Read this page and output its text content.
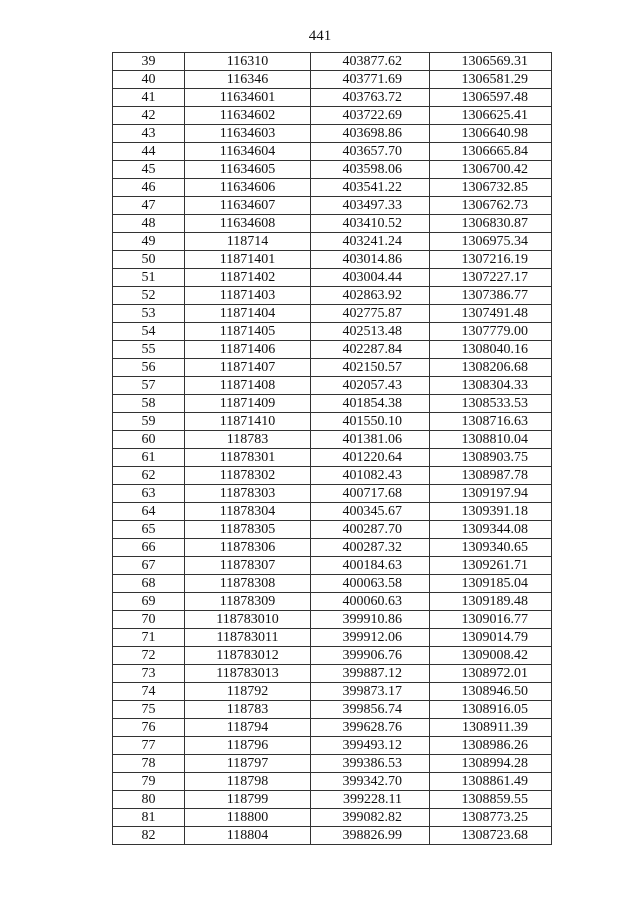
441
39	116310	403877.62	1306569.31
40	116346	403771.69	1306581.29
41	11634601	403763.72	1306597.48
42	11634602	403722.69	1306625.41
43	11634603	403698.86	1306640.98
44	11634604	403657.70	1306665.84
45	11634605	403598.06	1306700.42
46	11634606	403541.22	1306732.85
47	11634607	403497.33	1306762.73
48	11634608	403410.52	1306830.87
49	118714	403241.24	1306975.34
50	11871401	403014.86	1307216.19
51	11871402	403004.44	1307227.17
52	11871403	402863.92	1307386.77
53	11871404	402775.87	1307491.48
54	11871405	402513.48	1307779.00
55	11871406	402287.84	1308040.16
56	11871407	402150.57	1308206.68
57	11871408	402057.43	1308304.33
58	11871409	401854.38	1308533.53
59	11871410	401550.10	1308716.63
60	118783	401381.06	1308810.04
61	11878301	401220.64	1308903.75
62	11878302	401082.43	1308987.78
63	11878303	400717.68	1309197.94
64	11878304	400345.67	1309391.18
65	11878305	400287.70	1309344.08
66	11878306	400287.32	1309340.65
67	11878307	400184.63	1309261.71
68	11878308	400063.58	1309185.04
69	11878309	400060.63	1309189.48
70	118783010	399910.86	1309016.77
71	118783011	399912.06	1309014.79
72	118783012	399906.76	1309008.42
73	118783013	399887.12	1308972.01
74	118792	399873.17	1308946.50
75	118783	399856.74	1308916.05
76	118794	399628.76	1308911.39
77	118796	399493.12	1308986.26
78	118797	399386.53	1308994.28
79	118798	399342.70	1308861.49
80	118799	399228.11	1308859.55
81	118800	399082.82	1308773.25
82	118804	398826.99	1308723.68
